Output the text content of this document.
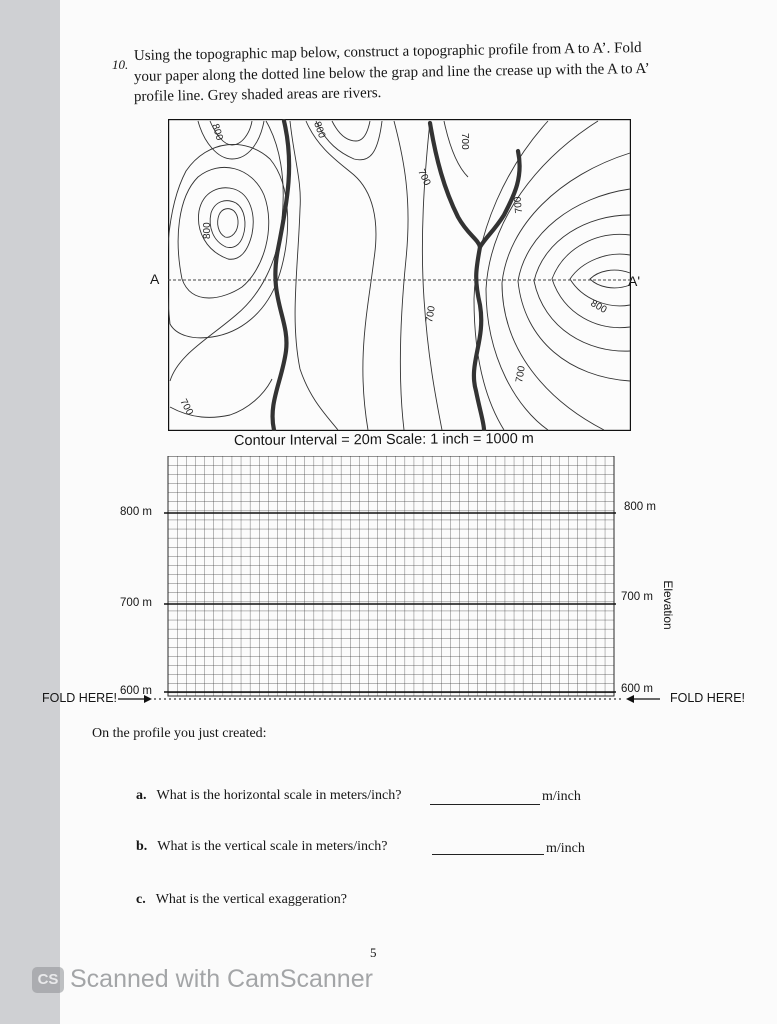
10.

Using the topographic map below, construct a topographic profile from A to A’. Fold

your paper along the dotted line below the grap and line the crease up with the A to A’

profile line. Grey shaded areas are rivers.

800	800
800
700
700
700
700	800
700
700
A	A'

Contour Interval = 20m Scale: 1 inch = 1000 m

800 m
700 m
600 m
800 m
700 m
600 m
Elevation
FOLD HERE!	FOLD HERE!

On the profile you just created:

a. What is the horizontal scale in meters/inch?	m/inch
b. What is the vertical scale in meters/inch?	m/inch
c. What is the vertical exaggeration?

5

CS Scanned with CamScanner
